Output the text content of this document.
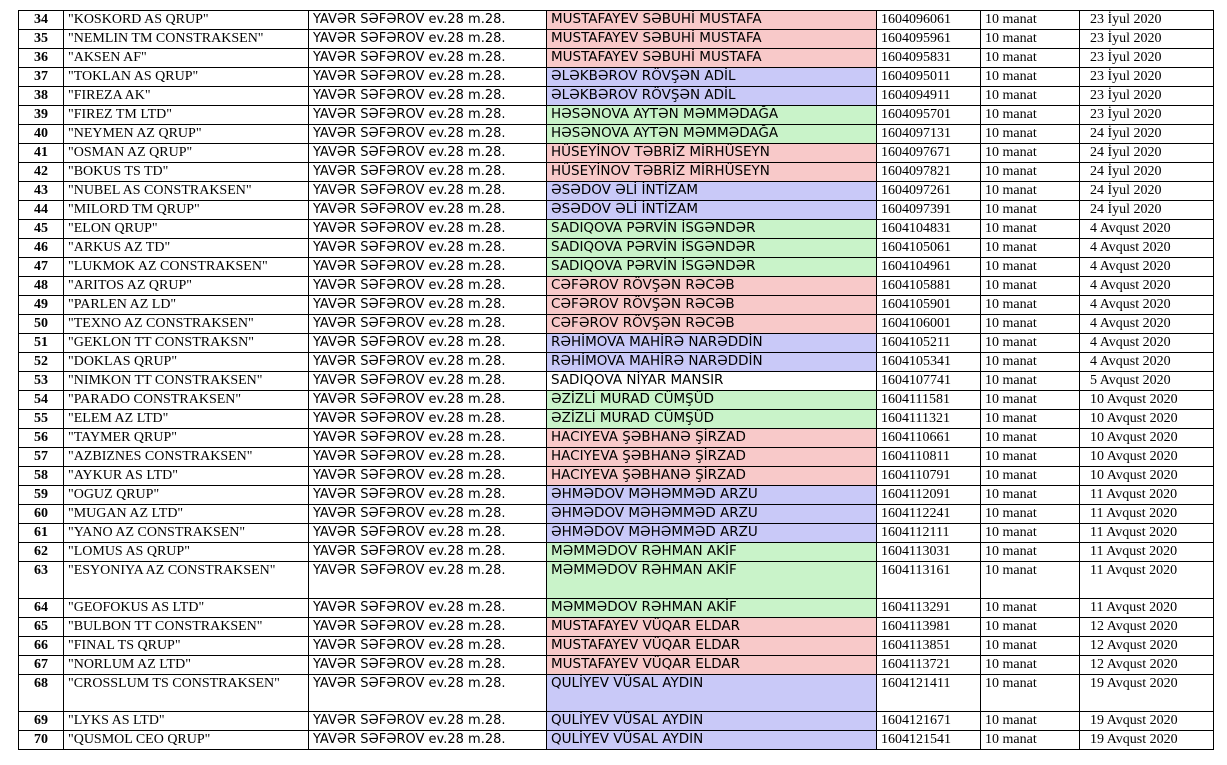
34	"KOSKORD AS QRUP"	YAVƏR SƏFƏROV ev.28 m.28.	MUSTAFAYEV SƏBUHİ MUSTAFA	1604096061	10 manat	23 İyul 2020
35	"NEMLIN TM CONSTRAKSEN"	YAVƏR SƏFƏROV ev.28 m.28.	MUSTAFAYEV SƏBUHİ MUSTAFA	1604095961	10 manat	23 İyul 2020
36	"AKSEN AF"	YAVƏR SƏFƏROV ev.28 m.28.	MUSTAFAYEV SƏBUHİ MUSTAFA	1604095831	10 manat	23 İyul 2020
37	"TOKLAN AS QRUP"	YAVƏR SƏFƏROV ev.28 m.28.	ƏLƏKBƏROV RÖVŞƏN ADİL	1604095011	10 manat	23 İyul 2020
38	"FIREZA AK"	YAVƏR SƏFƏROV ev.28 m.28.	ƏLƏKBƏROV RÖVŞƏN ADİL	1604094911	10 manat	23 İyul 2020
39	"FIREZ TM LTD"	YAVƏR SƏFƏROV ev.28 m.28.	HƏSƏNOVA AYTƏN MƏMMƏDAĞA	1604095701	10 manat	23 İyul 2020
40	"NEYMEN AZ QRUP"	YAVƏR SƏFƏROV ev.28 m.28.	HƏSƏNOVA AYTƏN MƏMMƏDAĞA	1604097131	10 manat	24 İyul 2020
41	"OSMAN AZ QRUP"	YAVƏR SƏFƏROV ev.28 m.28.	HÜSEYİNOV TƏBRİZ MİRHÜSEYN	1604097671	10 manat	24 İyul 2020
42	"BOKUS TS TD"	YAVƏR SƏFƏROV ev.28 m.28.	HÜSEYİNOV TƏBRİZ MİRHÜSEYN	1604097821	10 manat	24 İyul 2020
43	"NUBEL AS CONSTRAKSEN"	YAVƏR SƏFƏROV ev.28 m.28.	ƏSƏDOV ƏLİ İNTİZAM	1604097261	10 manat	24 İyul 2020
44	"MILORD TM QRUP"	YAVƏR SƏFƏROV ev.28 m.28.	ƏSƏDOV ƏLİ İNTİZAM	1604097391	10 manat	24 İyul 2020
45	"ELON QRUP"	YAVƏR SƏFƏROV ev.28 m.28.	SADIQOVA PƏRVİN İSGƏNDƏR	1604104831	10 manat	4 Avqust 2020
46	"ARKUS AZ TD"	YAVƏR SƏFƏROV ev.28 m.28.	SADIQOVA PƏRVİN İSGƏNDƏR	1604105061	10 manat	4 Avqust 2020
47	"LUKMOK AZ CONSTRAKSEN"	YAVƏR SƏFƏROV ev.28 m.28.	SADIQOVA PƏRVİN İSGƏNDƏR	1604104961	10 manat	4 Avqust 2020
48	"ARITOS AZ QRUP"	YAVƏR SƏFƏROV ev.28 m.28.	CƏFƏROV RÖVŞƏN RƏCƏB	1604105881	10 manat	4 Avqust 2020
49	"PARLEN AZ LD"	YAVƏR SƏFƏROV ev.28 m.28.	CƏFƏROV RÖVŞƏN RƏCƏB	1604105901	10 manat	4 Avqust 2020
50	"TEXNO AZ CONSTRAKSEN"	YAVƏR SƏFƏROV ev.28 m.28.	CƏFƏROV RÖVŞƏN RƏCƏB	1604106001	10 manat	4 Avqust 2020
51	"GEKLON TT CONSTRAKSN"	YAVƏR SƏFƏROV ev.28 m.28.	RƏHİMOVA MAHİRƏ NARƏDDİN	1604105211	10 manat	4 Avqust 2020
52	"DOKLAS QRUP"	YAVƏR SƏFƏROV ev.28 m.28.	RƏHİMOVA MAHİRƏ NARƏDDİN	1604105341	10 manat	4 Avqust 2020
53	"NIMKON TT CONSTRAKSEN"	YAVƏR SƏFƏROV ev.28 m.28.	SADIQOVA NİYAR MANSIR	1604107741	10 manat	5 Avqust 2020
54	"PARADO CONSTRAKSEN"	YAVƏR SƏFƏROV ev.28 m.28.	ƏZİZLİ MURAD CÜMŞÜD	1604111581	10 manat	10 Avqust 2020
55	"ELEM AZ LTD"	YAVƏR SƏFƏROV ev.28 m.28.	ƏZİZLİ MURAD CÜMŞÜD	1604111321	10 manat	10 Avqust 2020
56	"TAYMER QRUP"	YAVƏR SƏFƏROV ev.28 m.28.	HACIYEVA ŞƏBHANƏ ŞİRZAD	1604110661	10 manat	10 Avqust 2020
57	"AZBIZNES CONSTRAKSEN"	YAVƏR SƏFƏROV ev.28 m.28.	HACIYEVA ŞƏBHANƏ ŞİRZAD	1604110811	10 manat	10 Avqust 2020
58	"AYKUR AS LTD"	YAVƏR SƏFƏROV ev.28 m.28.	HACIYEVA ŞƏBHANƏ ŞİRZAD	1604110791	10 manat	10 Avqust 2020
59	"OGUZ QRUP"	YAVƏR SƏFƏROV ev.28 m.28.	ƏHMƏDOV MƏHƏMMƏD ARZU	1604112091	10 manat	11 Avqust 2020
60	"MUGAN AZ LTD"	YAVƏR SƏFƏROV ev.28 m.28.	ƏHMƏDOV MƏHƏMMƏD ARZU	1604112241	10 manat	11 Avqust 2020
61	"YANO AZ CONSTRAKSEN"	YAVƏR SƏFƏROV ev.28 m.28.	ƏHMƏDOV MƏHƏMMƏD ARZU	1604112111	10 manat	11 Avqust 2020
62	"LOMUS AS QRUP"	YAVƏR SƏFƏROV ev.28 m.28.	MƏMMƏDOV RƏHMAN AKİF	1604113031	10 manat	11 Avqust 2020
63	"ESYONIYA AZ CONSTRAKSEN"	YAVƏR SƏFƏROV ev.28 m.28.	MƏMMƏDOV RƏHMAN AKİF	1604113161	10 manat	11 Avqust 2020
64	"GEOFOKUS AS LTD"	YAVƏR SƏFƏROV ev.28 m.28.	MƏMMƏDOV RƏHMAN AKİF	1604113291	10 manat	11 Avqust 2020
65	"BULBON TT CONSTRAKSEN"	YAVƏR SƏFƏROV ev.28 m.28.	MUSTAFAYEV VÜQAR ELDAR	1604113981	10 manat	12 Avqust 2020
66	"FINAL TS QRUP"	YAVƏR SƏFƏROV ev.28 m.28.	MUSTAFAYEV VÜQAR ELDAR	1604113851	10 manat	12 Avqust 2020
67	"NORLUM AZ LTD"	YAVƏR SƏFƏROV ev.28 m.28.	MUSTAFAYEV VÜQAR ELDAR	1604113721	10 manat	12 Avqust 2020
68	"CROSSLUM TS CONSTRAKSEN"	YAVƏR SƏFƏROV ev.28 m.28.	QULİYEV VÜSAL AYDIN	1604121411	10 manat	19 Avqust 2020
69	"LYKS AS LTD"	YAVƏR SƏFƏROV ev.28 m.28.	QULİYEV VÜSAL AYDIN	1604121671	10 manat	19 Avqust 2020
70	"QUSMOL CEO QRUP"	YAVƏR SƏFƏROV ev.28 m.28.	QULİYEV VÜSAL AYDIN	1604121541	10 manat	19 Avqust 2020
